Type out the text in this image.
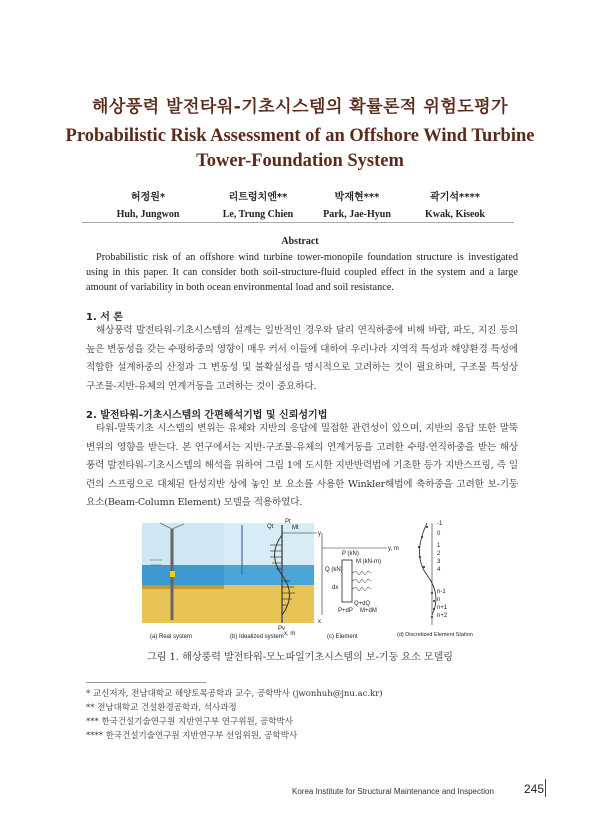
해상풍력 발전타워-기초시스템의 확률론적 위험도평가
Probabilistic Risk Assessment of an Offshore Wind Turbine
Tower-Foundation System
허정원*
Huh, Jungwon
리트렁치엔**
Le, Trung Chien
박재현***
Park, Jae-Hyun
곽기석****
Kwak, Kiseok
Abstract
Probabilistic risk of an offshore wind turbine tower-monopile foundation structure is investigated using in this paper. It can consider both soil-structure-fluid coupled effect in the system and a large amount of variability in both ocean environmental load and soil resistance.
1. 서 론
해상풍력 발전타워-기초시스템의 설계는 일반적인 경우와 달리 연직하중에 비해 바람, 파도, 지진 등의 높은 변동성을 갖는 수평하중의 영향이 매우 커서 이들에 대하여 우리나라 지역적 특성과 해양환경 특성에 적합한 설계하중의 산정과 그 변동성 및 불확실성을 명시적으로 고려하는 것이 필요하며, 구조물 특성상 구조물-지반-유체의 연계거동을 고려하는 것이 중요하다.
2. 발전타워-기초시스템의 간편해석기법 및 신뢰성기법
타워-말뚝기초 시스템의 변위는 유체와 지반의 응답에 밀접한 관련성이 있으며, 지반의 응답 또한 말뚝변위의 영향을 받는다. 본 연구에서는 지반-구조물-유체의 연계거동을 고려한 수평·연직하중을 받는 해상풍력 발전타워-기초시스템의 해석을 위하여 그림 1에 도시한 지반반력법에 기초한 등가 지반스프링, 즉 일련의 스프링으로 대체된 탄성지반 상에 놓인 보 요소를 사용한 Winkler해법에 축하중을 고려한 보-기둥 요소(Beam-Column Element) 모델을 적용하였다.
Qt
Pt
Mt
Pv
y
x, m
y, m
x
P (kN)
M (kN-m)
Q (kN)
Q+dQ
dx
P+dP M+dM
-1
0
1
2
3
4
n-1
n
n+1
n+2
(a) Real system	(b) Idealized system	(c) Element	(d) Discretized Element Station
그림 1. 해상풍력 발전타워-모노파일기초시스템의 보-기둥 요소 모델링
* 교신저자, 전남대학교 해양토목공학과 교수, 공학박사 (jwonhuh@jnu.ac.kr)
** 전남대학교 건설환경공학과, 석사과정
*** 한국건설기술연구원 지반연구부 연구위원, 공학박사
**** 한국건설기술연구원 지반연구부 선임위원, 공학박사
Korea Institute for Structural Maintenance and Inspection	245
